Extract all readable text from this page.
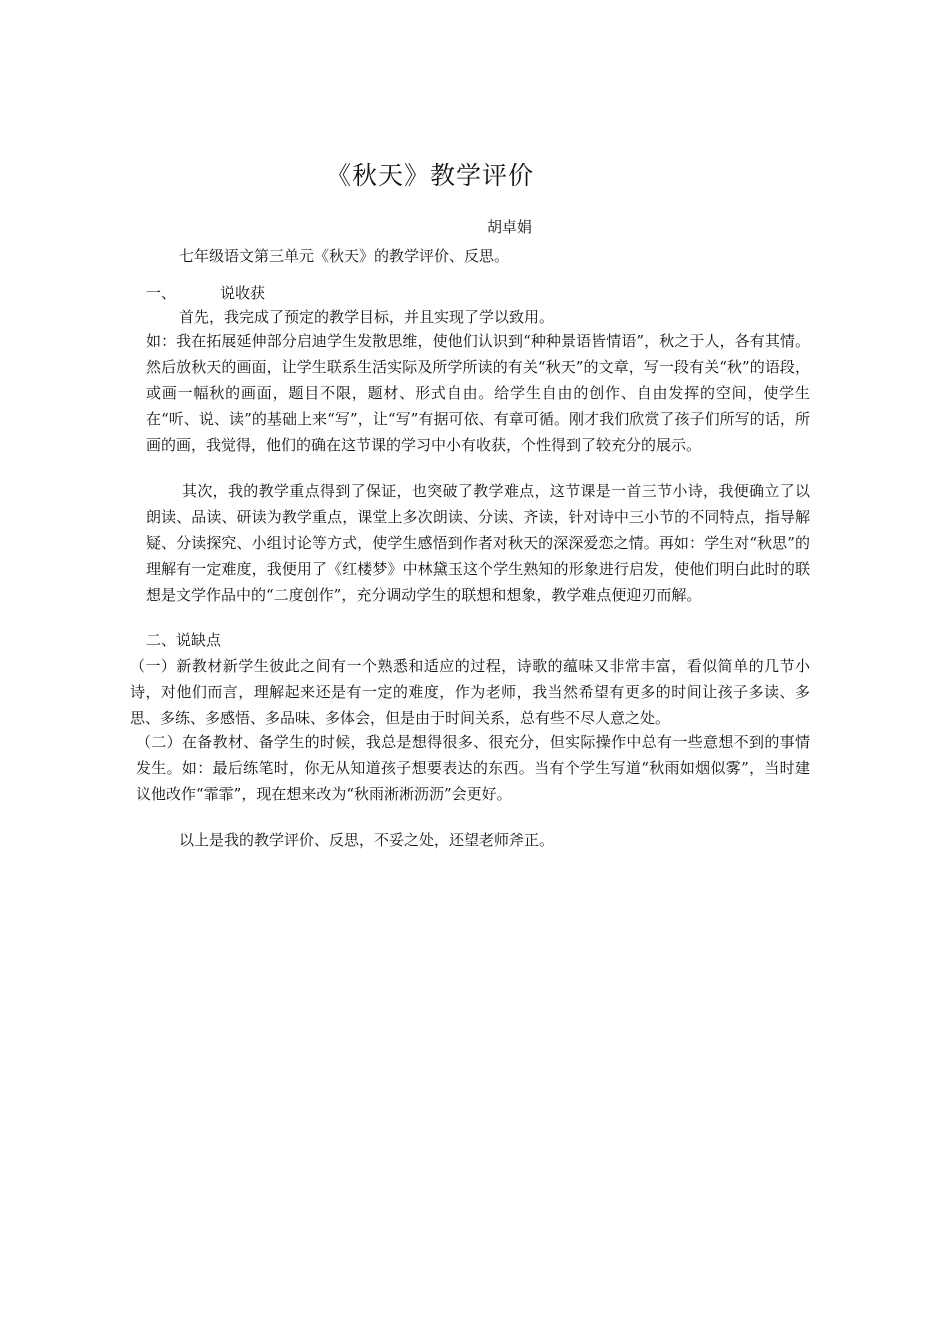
《秋天》教学评价

胡卓娟

七年级语文第三单元《秋天》的教学评价、反思。

一、	说收获

首先，我完成了预定的教学目标，并且实现了学以致用。

如：我在拓展延伸部分启迪学生发散思维，使他们认识到“种种景语皆情语”，秋之于人，各有其情。然后放秋天的画面，让学生联系生活实际及所学所读的有关“秋天”的文章，写一段有关“秋”的语段，或画一幅秋的画面，题目不限，题材、形式自由。给学生自由的创作、自由发挥的空间，使学生在“听、说、读”的基础上来“写”，让“写”有据可依、有章可循。刚才我们欣赏了孩子们所写的话，所画的画，我觉得，他们的确在这节课的学习中小有收获，个性得到了较充分的展示。

其次，我的教学重点得到了保证，也突破了教学难点，这节课是一首三节小诗，我便确立了以朗读、品读、研读为教学重点，课堂上多次朗读、分读、齐读，针对诗中三小节的不同特点，指导解疑、分读探究、小组讨论等方式，使学生感悟到作者对秋天的深深爱恋之情。再如：学生对“秋思”的理解有一定难度，我便用了《红楼梦》中林黛玉这个学生熟知的形象进行启发，使他们明白此时的联想是文学作品中的“二度创作”，充分调动学生的联想和想象，教学难点便迎刃而解。

二、说缺点

（一）新教材新学生彼此之间有一个熟悉和适应的过程，诗歌的蕴味又非常丰富，看似简单的几节小诗，对他们而言，理解起来还是有一定的难度，作为老师，我当然希望有更多的时间让孩子多读、多思、多练、多感悟、多品味、多体会，但是由于时间关系，总有些不尽人意之处。

（二）在备教材、备学生的时候，我总是想得很多、很充分，但实际操作中总有一些意想不到的事情发生。如：最后练笔时，你无从知道孩子想要表达的东西。当有个学生写道“秋雨如烟似雾”，当时建议他改作“霏霏”，现在想来改为“秋雨淅淅沥沥”会更好。

以上是我的教学评价、反思，不妥之处，还望老师斧正。
